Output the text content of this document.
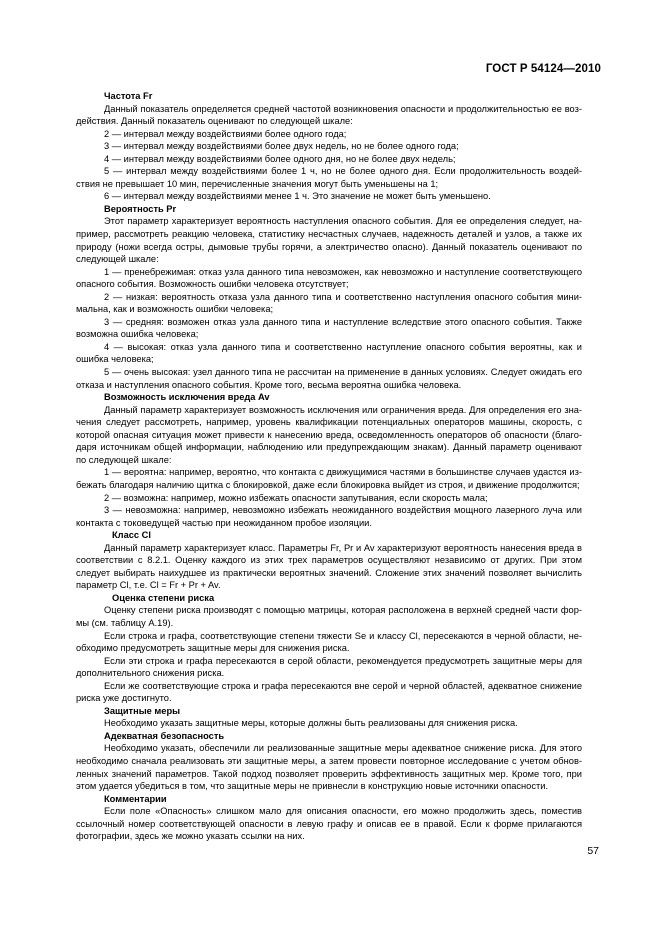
ГОСТ Р 54124—2010

Частота Fr

Данный показатель определяется средней частотой возникновения опасности и продолжительностью ее воздействия. Данный показатель оценивают по следующей шкале:

2 — интервал между воздействиями более одного года;

3 — интервал между воздействиями более двух недель, но не более одного года;

4 — интервал между воздействиями более одного дня, но не более двух недель;

5 — интервал между воздействиями более 1 ч, но не более одного дня. Если продолжительность воздействия не превышает 10 мин, перечисленные значения могут быть уменьшены на 1;

6 — интервал между воздействиями менее 1 ч. Это значение не может быть уменьшено.

Вероятность Pr

Этот параметр характеризует вероятность наступления опасного события. Для ее определения следует, например, рассмотреть реакцию человека, статистику несчастных случаев, надежность деталей и узлов, а также их природу (ножи всегда остры, дымовые трубы горячи, а электричество опасно). Данный показатель оценивают по следующей шкале:

1 — пренебрежимая: отказ узла данного типа невозможен, как невозможно и наступление соответствующего опасного события. Возможность ошибки человека отсутствует;

2 — низкая: вероятность отказа узла данного типа и соответственно наступления опасного события минимальна, как и возможность ошибки человека;

3 — средняя: возможен отказ узла данного типа и наступление вследствие этого опасного события. Также возможна ошибка человека;

4 — высокая: отказ узла данного типа и соответственно наступление опасного события вероятны, как и ошибка человека;

5 — очень высокая: узел данного типа не рассчитан на применение в данных условиях. Следует ожидать его отказа и наступления опасного события. Кроме того, весьма вероятна ошибка человека.

Возможность исключения вреда Av

Данный параметр характеризует возможность исключения или ограничения вреда. Для определения его значения следует рассмотреть, например, уровень квалификации потенциальных операторов машины, скорость, с которой опасная ситуация может привести к нанесению вреда, осведомленность операторов об опасности (благодаря источникам общей информации, наблюдению или предупреждающим знакам). Данный параметр оценивают по следующей шкале:

1 — вероятна: например, вероятно, что контакта с движущимися частями в большинстве случаев удастся избежать благодаря наличию щитка с блокировкой, даже если блокировка выйдет из строя, и движение продолжится;

2 — возможна: например, можно избежать опасности запутывания, если скорость мала;

3 — невозможна: например, невозможно избежать неожиданного воздействия мощного лазерного луча или контакта с токоведущей частью при неожиданном пробое изоляции.

Класс Cl

Данный параметр характеризует класс. Параметры Fr, Pr и Av характеризуют вероятность нанесения вреда в соответствии с 8.2.1. Оценку каждого из этих трех параметров осуществляют независимо от других. При этом следует выбирать наихудшее из практически вероятных значений. Сложение этих значений позволяет вычислить параметр Cl, т.е. Cl = Fr + Pr + Av.

Оценка степени риска

Оценку степени риска производят с помощью матрицы, которая расположена в верхней средней части формы (см. таблицу A.19).

Если строка и графа, соответствующие степени тяжести Se и классу Cl, пересекаются в черной области, необходимо предусмотреть защитные меры для снижения риска.

Если эти строка и графа пересекаются в серой области, рекомендуется предусмотреть защитные меры для дополнительного снижения риска.

Если же соответствующие строка и графа пересекаются вне серой и черной областей, адекватное снижение риска уже достигнуто.

Защитные меры

Необходимо указать защитные меры, которые должны быть реализованы для снижения риска.

Адекватная безопасность

Необходимо указать, обеспечили ли реализованные защитные меры адекватное снижение риска. Для этого необходимо сначала реализовать эти защитные меры, а затем провести повторное исследование с учетом обновленных значений параметров. Такой подход позволяет проверить эффективность защитных мер. Кроме того, при этом удается убедиться в том, что защитные меры не привнесли в конструкцию новые источники опасности.

Комментарии

Если поле «Опасность» слишком мало для описания опасности, его можно продолжить здесь, поместив ссылочный номер соответствующей опасности в левую графу и описав ее в правой. Если к форме прилагаются фотографии, здесь же можно указать ссылки на них.

57
